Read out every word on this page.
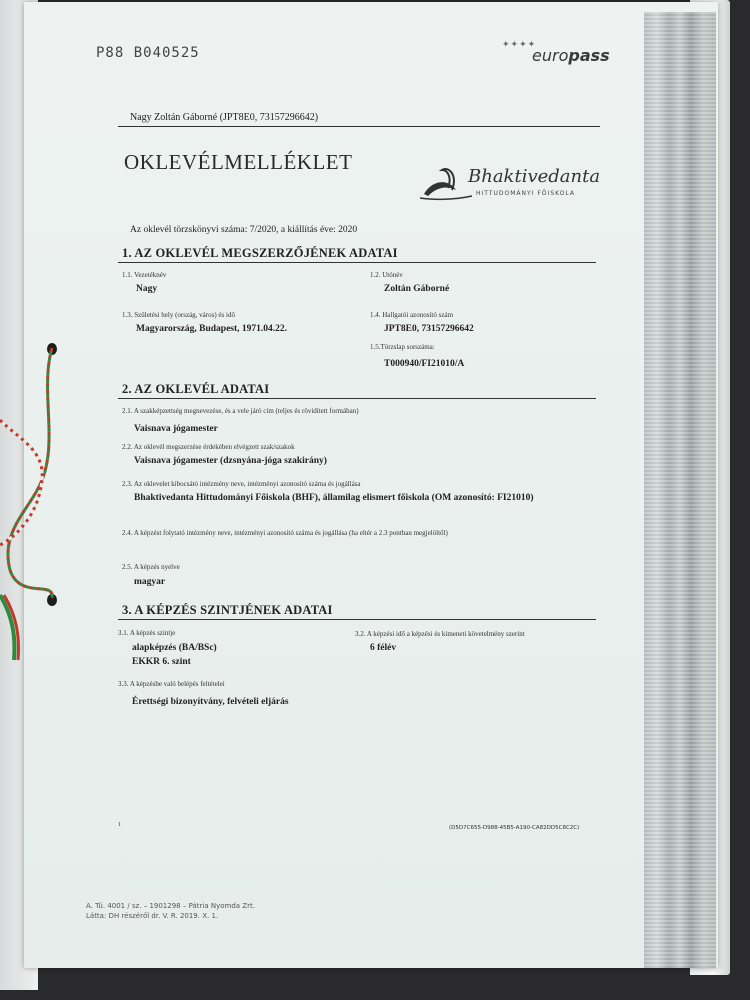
P88 B040525	✦✦✦✦
europass
Nagy Zoltán Gáborné (JPT8E0, 73157296642)
OKLEVÉLMELLÉKLET
Bhaktivedanta
HITTUDOMÁNYI FŐISKOLA
Az oklevél törzskönyvi száma: 7/2020, a kiállítás éve: 2020
1. AZ OKLEVÉL MEGSZERZŐJÉNEK ADATAI
1.1. Vezetéknév
Nagy
1.2. Utónév
Zoltán Gáborné
1.3. Születési hely (ország, város) és idő
Magyarország, Budapest, 1971.04.22.
1.4. Hallgatói azonosító szám
JPT8E0, 73157296642
1.5.Törzslap sorszáma:
T000940/FI21010/A
2. AZ OKLEVÉL ADATAI
2.1. A szakképzettség megnevezése, és a vele járó cím (teljes és rövidített formában)
Vaisnava jógamester
2.2. Az oklevél megszerzése érdekében elvégzett szak/szakok
Vaisnava jógamester (dzsnyána-jóga szakirány)
2.3. Az oklevelet kibocsátó intézmény neve, intézményi azonosító száma és jogállása
Bhaktivedanta Hittudományi Főiskola (BHF), államilag elismert főiskola (OM azonosító: FI21010)
2.4. A képzést folytató intézmény neve, intézményi azonosító száma és jogállása (ha eltér a 2.3 pontban megjelöltől)
2.5. A képzés nyelve
magyar
3. A KÉPZÉS SZINTJÉNEK ADATAI
3.1. A képzés szintje
alapképzés (BA/BSc)
EKKR 6. szint
3.2. A képzési idő a képzési és kimeneti követelmény szerint
6 félév
3.3. A képzésbe való belépés feltételei
Érettségi bizonyítvány, felvételi eljárás
1	(D5D7C655-D988-45B5-A190-CA82DD5C8C2C)
A. Tü. 4001 / sz. – 1901298 – Pátria Nyomda Zrt.
Látta: DH részéről dr. V. R. 2019. X. 1.
